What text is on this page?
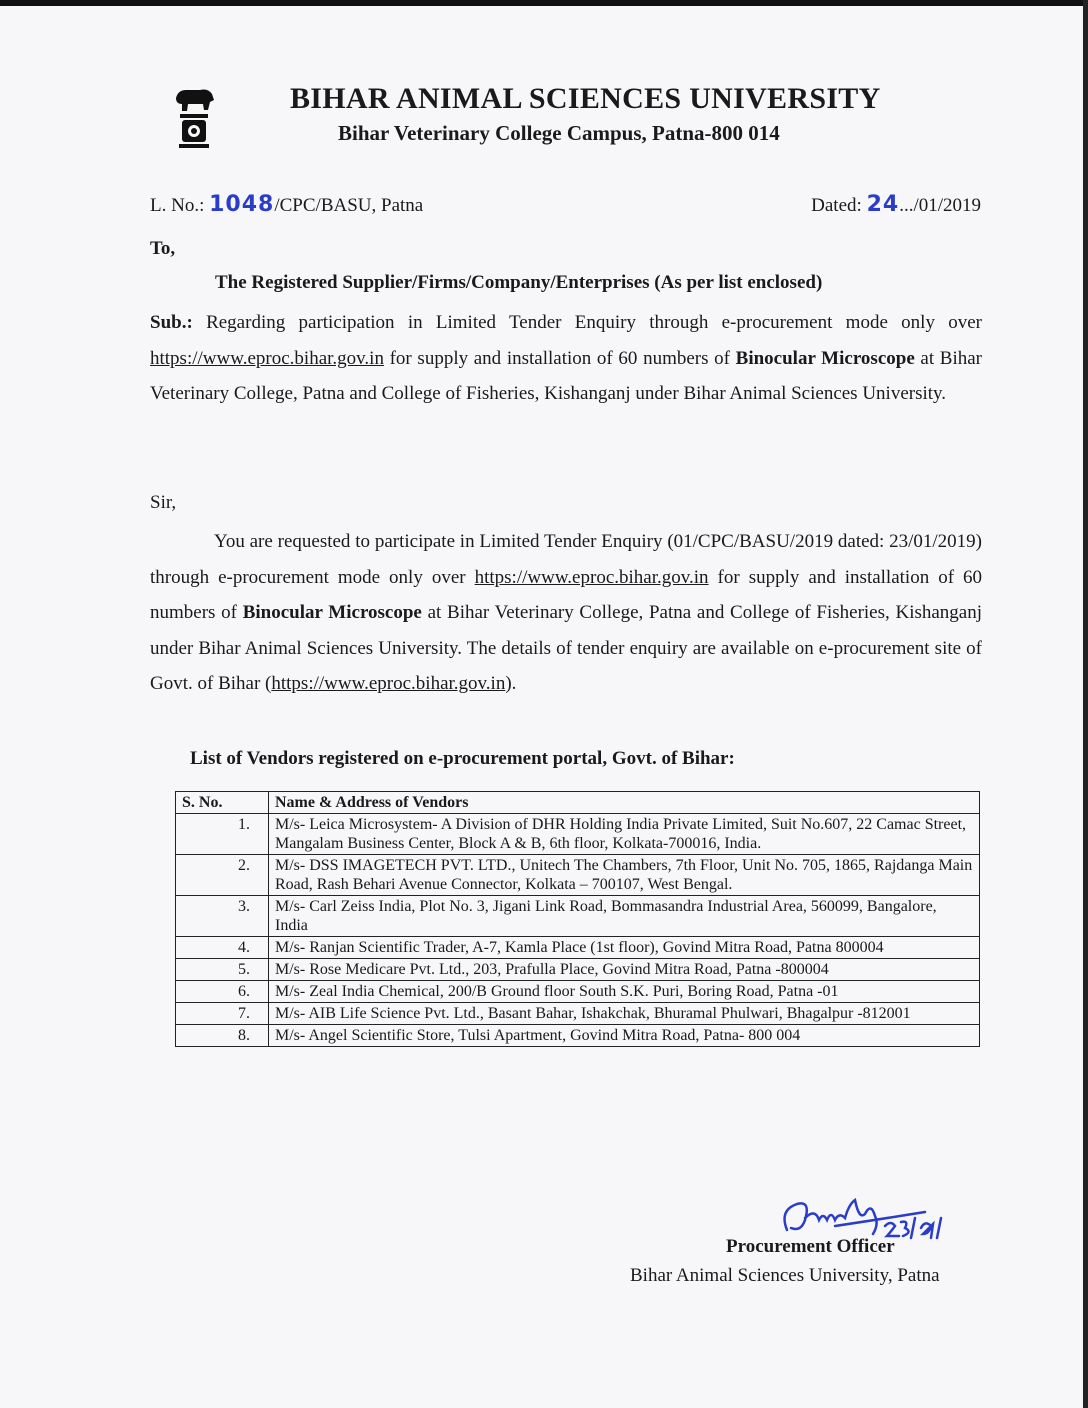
BIHAR ANIMAL SCIENCES UNIVERSITY
Bihar Veterinary College Campus, Patna-800 014
L. No.: 1048/CPC/BASU, Patna	Dated: 24.../01/2019
To,
The Registered Supplier/Firms/Company/Enterprises (As per list enclosed)
Sub.: Regarding participation in Limited Tender Enquiry through e-procurement mode only over https://www.eproc.bihar.gov.in for supply and installation of 60 numbers of Binocular Microscope at Bihar Veterinary College, Patna and College of Fisheries, Kishanganj under Bihar Animal Sciences University.
Sir,
You are requested to participate in Limited Tender Enquiry (01/CPC/BASU/2019 dated: 23/01/2019) through e-procurement mode only over https://www.eproc.bihar.gov.in for supply and installation of 60 numbers of Binocular Microscope at Bihar Veterinary College, Patna and College of Fisheries, Kishanganj under Bihar Animal Sciences University. The details of tender enquiry are available on e-procurement site of Govt. of Bihar (https://www.eproc.bihar.gov.in).
List of Vendors registered on e-procurement portal, Govt. of Bihar:
S. No.	Name & Address of Vendors
1.	M/s- Leica Microsystem- A Division of DHR Holding India Private Limited, Suit No.607, 22 Camac Street, Mangalam Business Center, Block A & B, 6th floor, Kolkata-700016, India.
2.	M/s- DSS IMAGETECH PVT. LTD., Unitech The Chambers, 7th Floor, Unit No. 705, 1865, Rajdanga Main Road, Rash Behari Avenue Connector, Kolkata – 700107, West Bengal.
3.	M/s- Carl Zeiss India, Plot No. 3, Jigani Link Road, Bommasandra Industrial Area, 560099, Bangalore, India
4.	M/s- Ranjan Scientific Trader, A-7, Kamla Place (1st floor), Govind Mitra Road, Patna 800004
5.	M/s- Rose Medicare Pvt. Ltd., 203, Prafulla Place, Govind Mitra Road, Patna -800004
6.	M/s- Zeal India Chemical, 200/B Ground floor South S.K. Puri, Boring Road, Patna -01
7.	M/s- AIB Life Science Pvt. Ltd., Basant Bahar, Ishakchak, Bhuramal Phulwari, Bhagalpur -812001
8.	M/s- Angel Scientific Store, Tulsi Apartment, Govind Mitra Road, Patna- 800 004
Procurement Officer
Bihar Animal Sciences University, Patna
